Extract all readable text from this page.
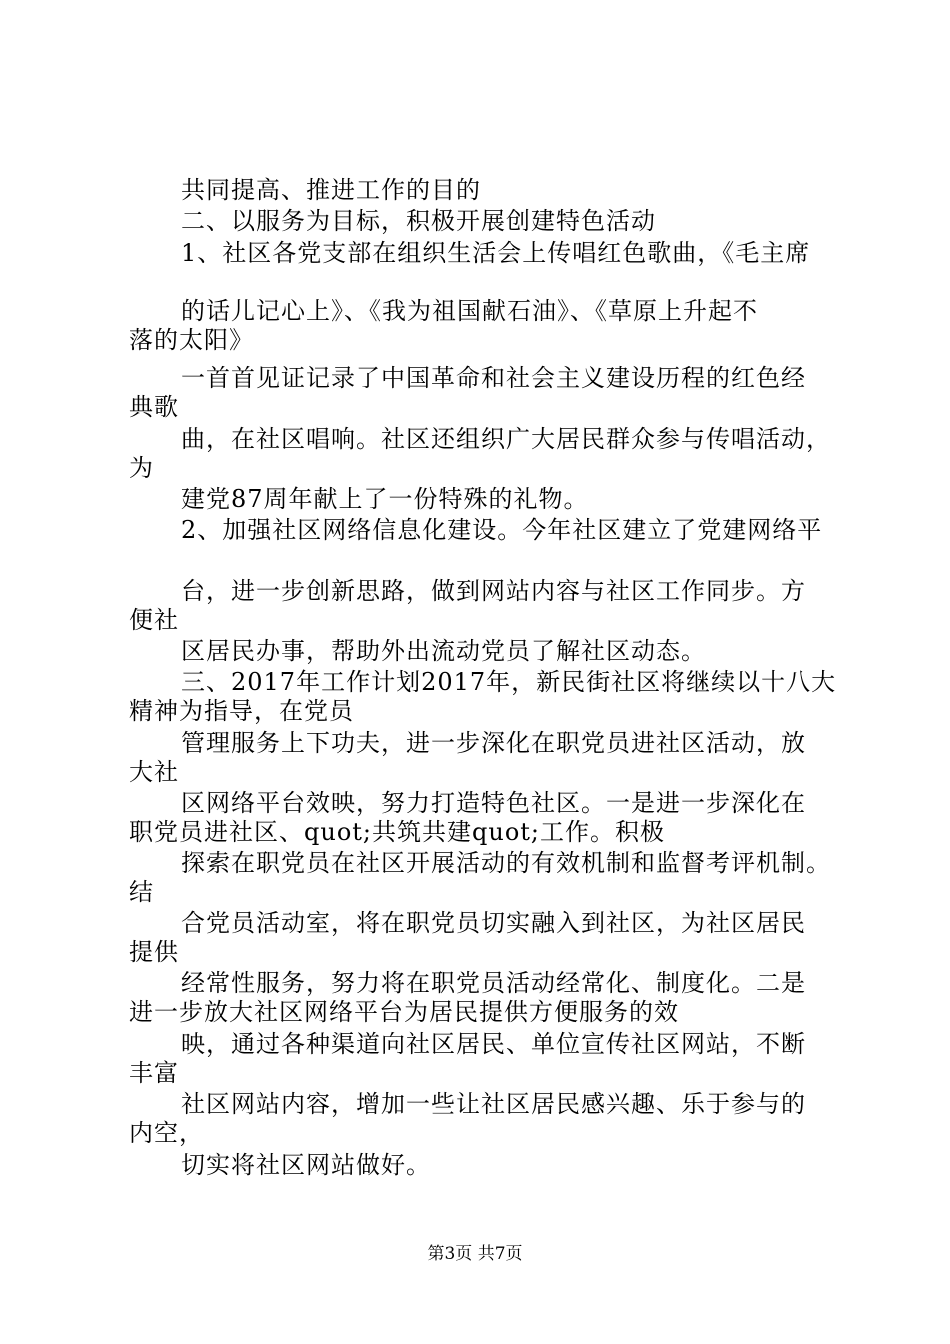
共同提高、推进工作的目的

二、以服务为目标，积极开展创建特色活动

1、社区各党支部在组织生活会上传唱红色歌曲，《毛主席

的话儿记心上》、《我为祖国献石油》、《草原上升起不

落的太阳》

一首首见证记录了中国革命和社会主义建设历程的红色经

典歌

曲，在社区唱响。社区还组织广大居民群众参与传唱活动，

为

建党87周年献上了一份特殊的礼物。

2、加强社区网络信息化建设。今年社区建立了党建网络平

台，进一步创新思路，做到网站内容与社区工作同步。方

便社

区居民办事，帮助外出流动党员了解社区动态。

三、2017年工作计划2017年，新民街社区将继续以十八大

精神为指导，在党员

管理服务上下功夫，进一步深化在职党员进社区活动，放

大社

区网络平台效映，努力打造特色社区。一是进一步深化在

职党员进社区、quot;共筑共建quot;工作。积极

探索在职党员在社区开展活动的有效机制和监督考评机制。

结

合党员活动室，将在职党员切实融入到社区，为社区居民

提供

经常性服务，努力将在职党员活动经常化、制度化。二是

进一步放大社区网络平台为居民提供方便服务的效

映，通过各种渠道向社区居民、单位宣传社区网站，不断

丰富

社区网站内容，增加一些让社区居民感兴趣、乐于参与的

内空，

切实将社区网站做好。

第3页 共7页
